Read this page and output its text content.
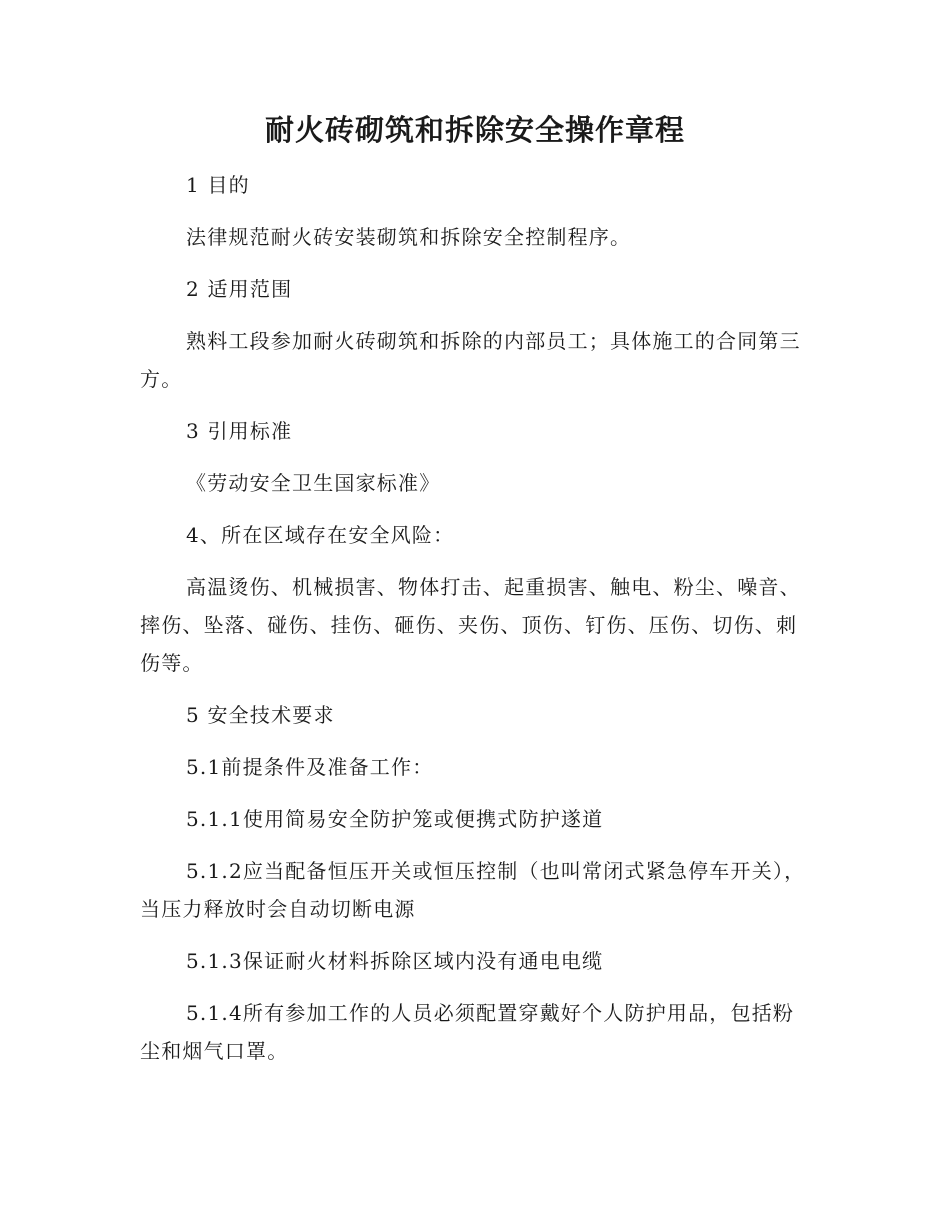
耐火砖砌筑和拆除安全操作章程

1 目的

法律规范耐火砖安装砌筑和拆除安全控制程序。

2 适用范围

熟料工段参加耐火砖砌筑和拆除的内部员工；具体施工的合同第三方。

3 引用标准

《劳动安全卫生国家标准》

4、所在区域存在安全风险：

高温烫伤、机械损害、物体打击、起重损害、触电、粉尘、噪音、摔伤、坠落、碰伤、挂伤、砸伤、夹伤、顶伤、钉伤、压伤、切伤、刺伤等。

5 安全技术要求

5.1前提条件及准备工作：

5.1.1使用简易安全防护笼或便携式防护遂道

5.1.2应当配备恒压开关或恒压控制（也叫常闭式紧急停车开关），当压力释放时会自动切断电源

5.1.3保证耐火材料拆除区域内没有通电电缆

5.1.4所有参加工作的人员必须配置穿戴好个人防护用品，包括粉尘和烟气口罩。
